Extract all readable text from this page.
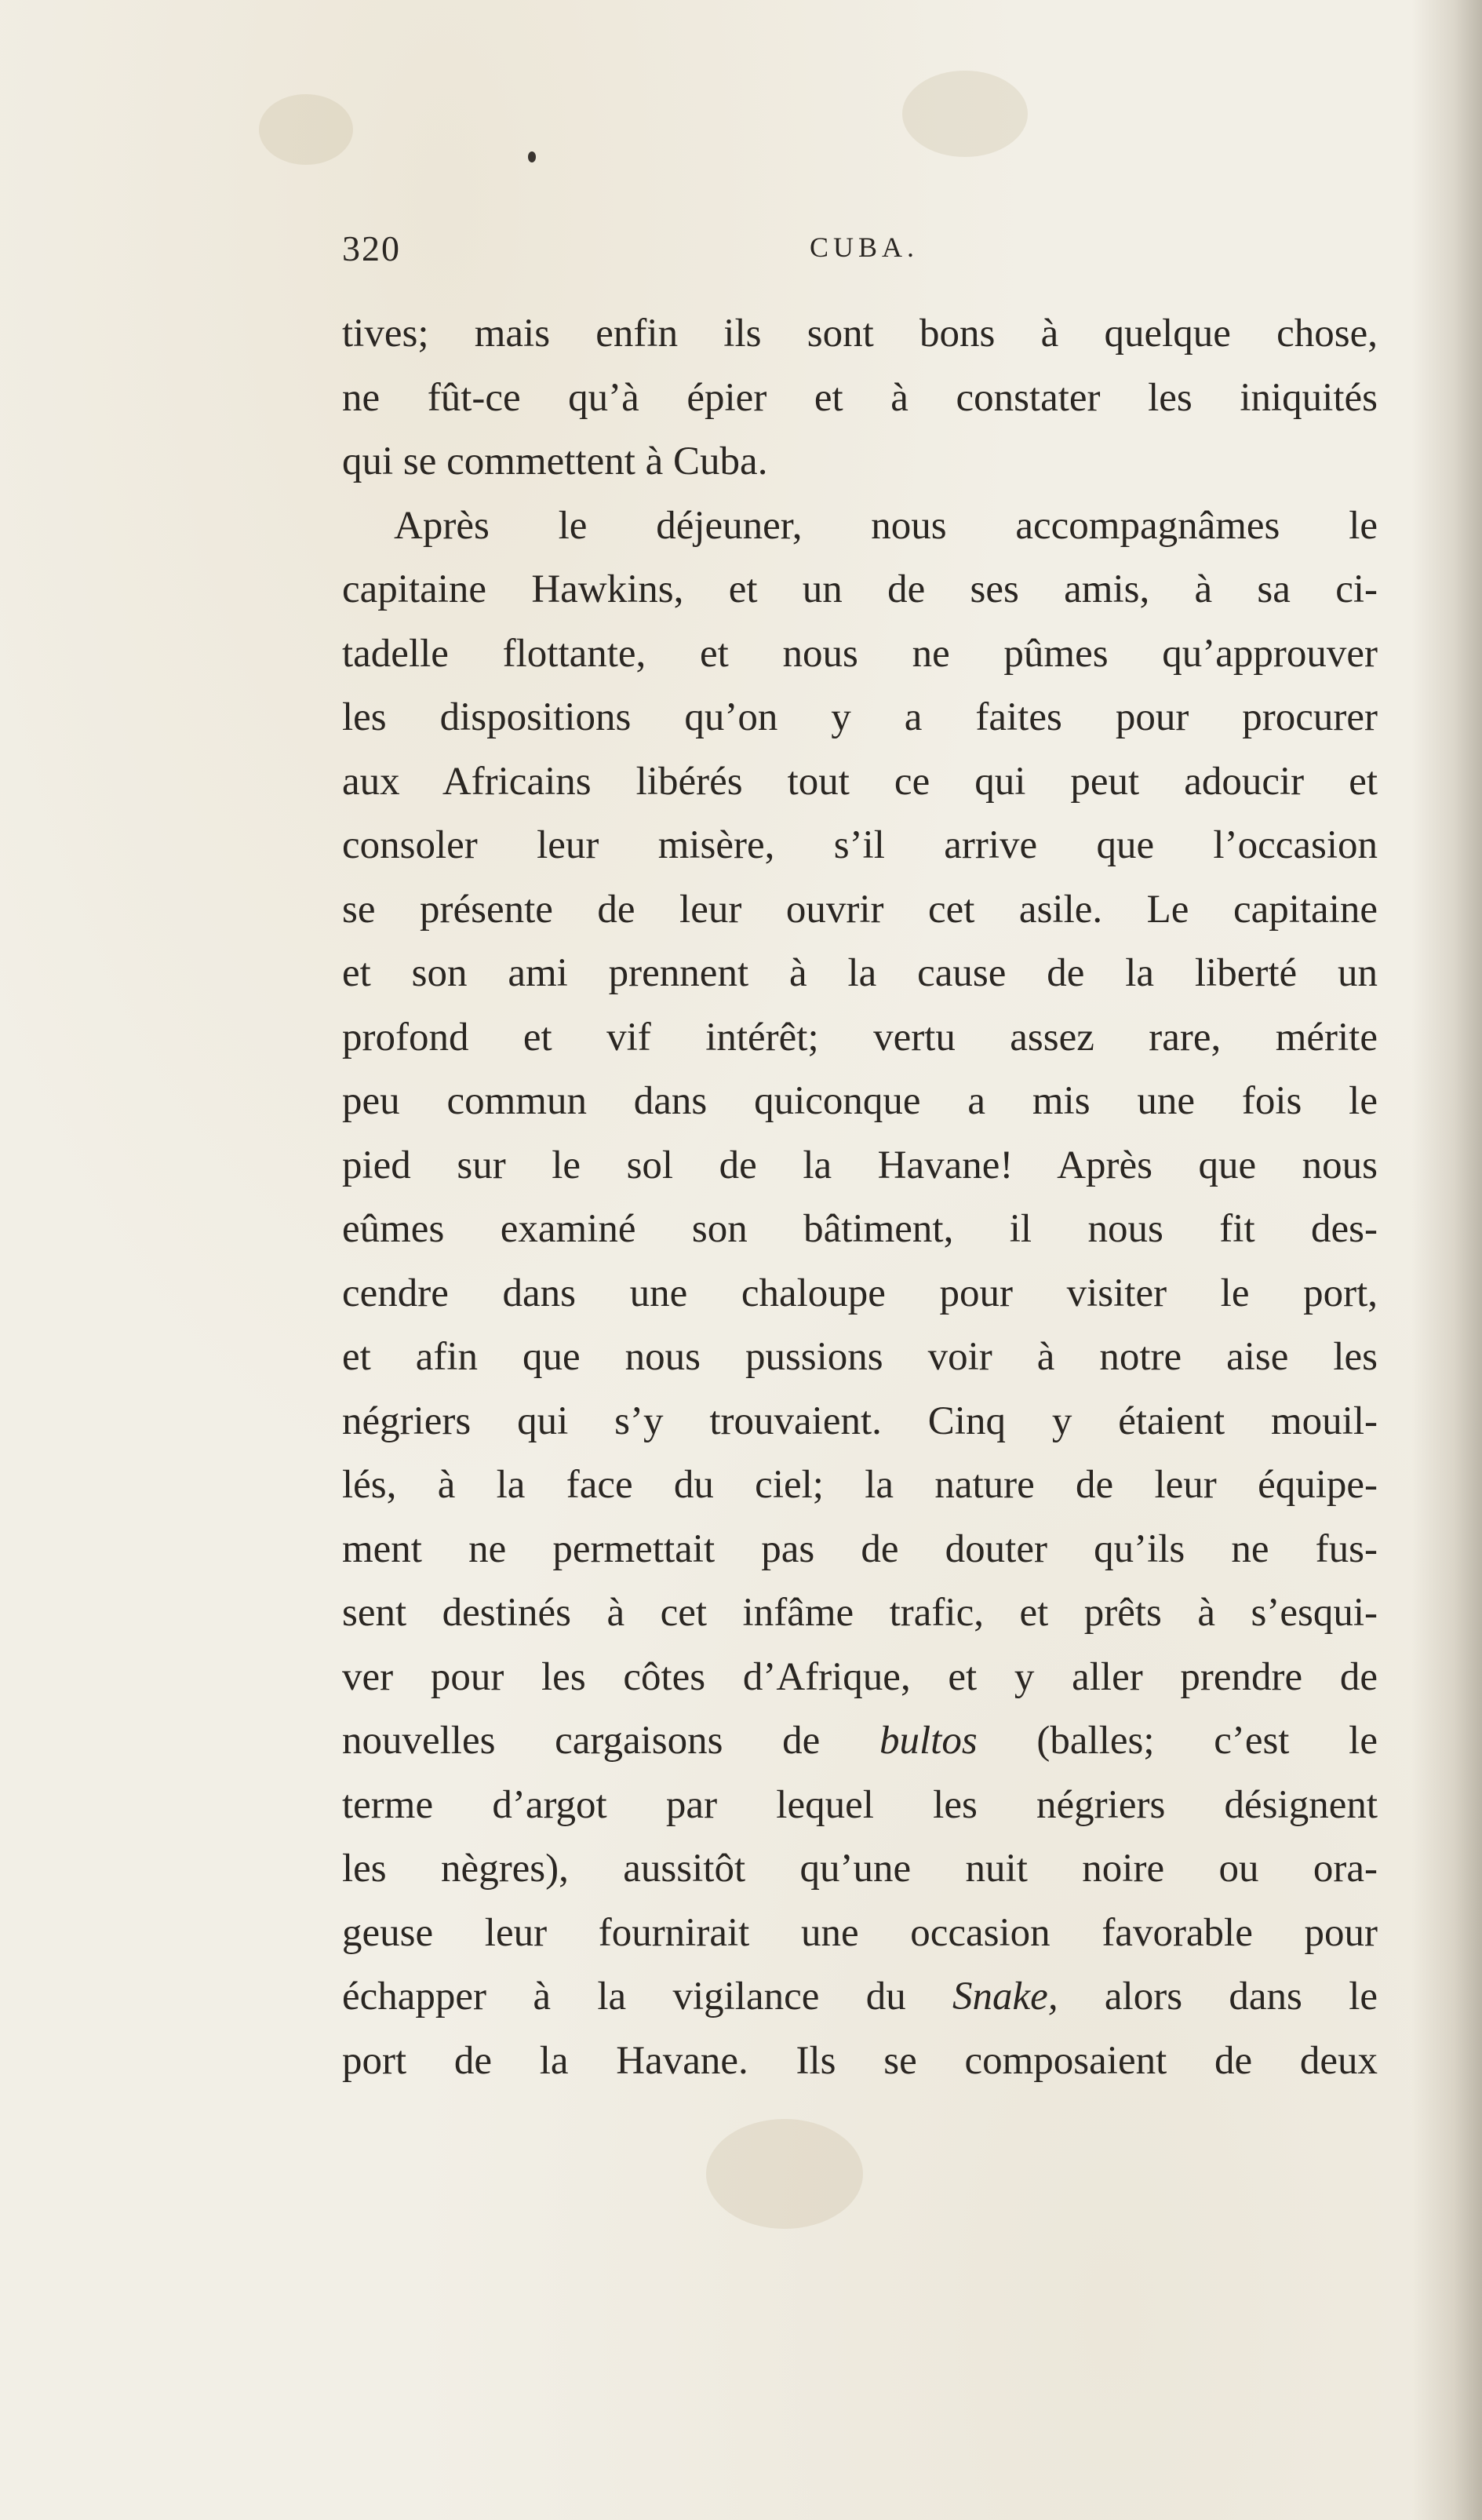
320	CUBA.
tives; mais enfin ils sont bons à quelque chose,
ne fût-ce qu’à épier et à constater les iniquités
qui se commettent à Cuba.
Après le déjeuner, nous accompagnâmes le
capitaine Hawkins, et un de ses amis, à sa ci-
tadelle flottante, et nous ne pûmes qu’approuver
les dispositions qu’on y a faites pour procurer
aux Africains libérés tout ce qui peut adoucir et
consoler leur misère, s’il arrive que l’occasion
se présente de leur ouvrir cet asile. Le capitaine
et son ami prennent à la cause de la liberté un
profond et vif intérêt; vertu assez rare, mérite
peu commun dans quiconque a mis une fois le
pied sur le sol de la Havane! Après que nous
eûmes examiné son bâtiment, il nous fit des-
cendre dans une chaloupe pour visiter le port,
et afin que nous pussions voir à notre aise les
négriers qui s’y trouvaient. Cinq y étaient mouil-
lés, à la face du ciel; la nature de leur équipe-
ment ne permettait pas de douter qu’ils ne fus-
sent destinés à cet infâme trafic, et prêts à s’esqui-
ver pour les côtes d’Afrique, et y aller prendre de
nouvelles cargaisons de bultos (balles; c’est le
terme d’argot par lequel les négriers désignent
les nègres), aussitôt qu’une nuit noire ou ora-
geuse leur fournirait une occasion favorable pour
échapper à la vigilance du Snake, alors dans le
port de la Havane. Ils se composaient de deux
